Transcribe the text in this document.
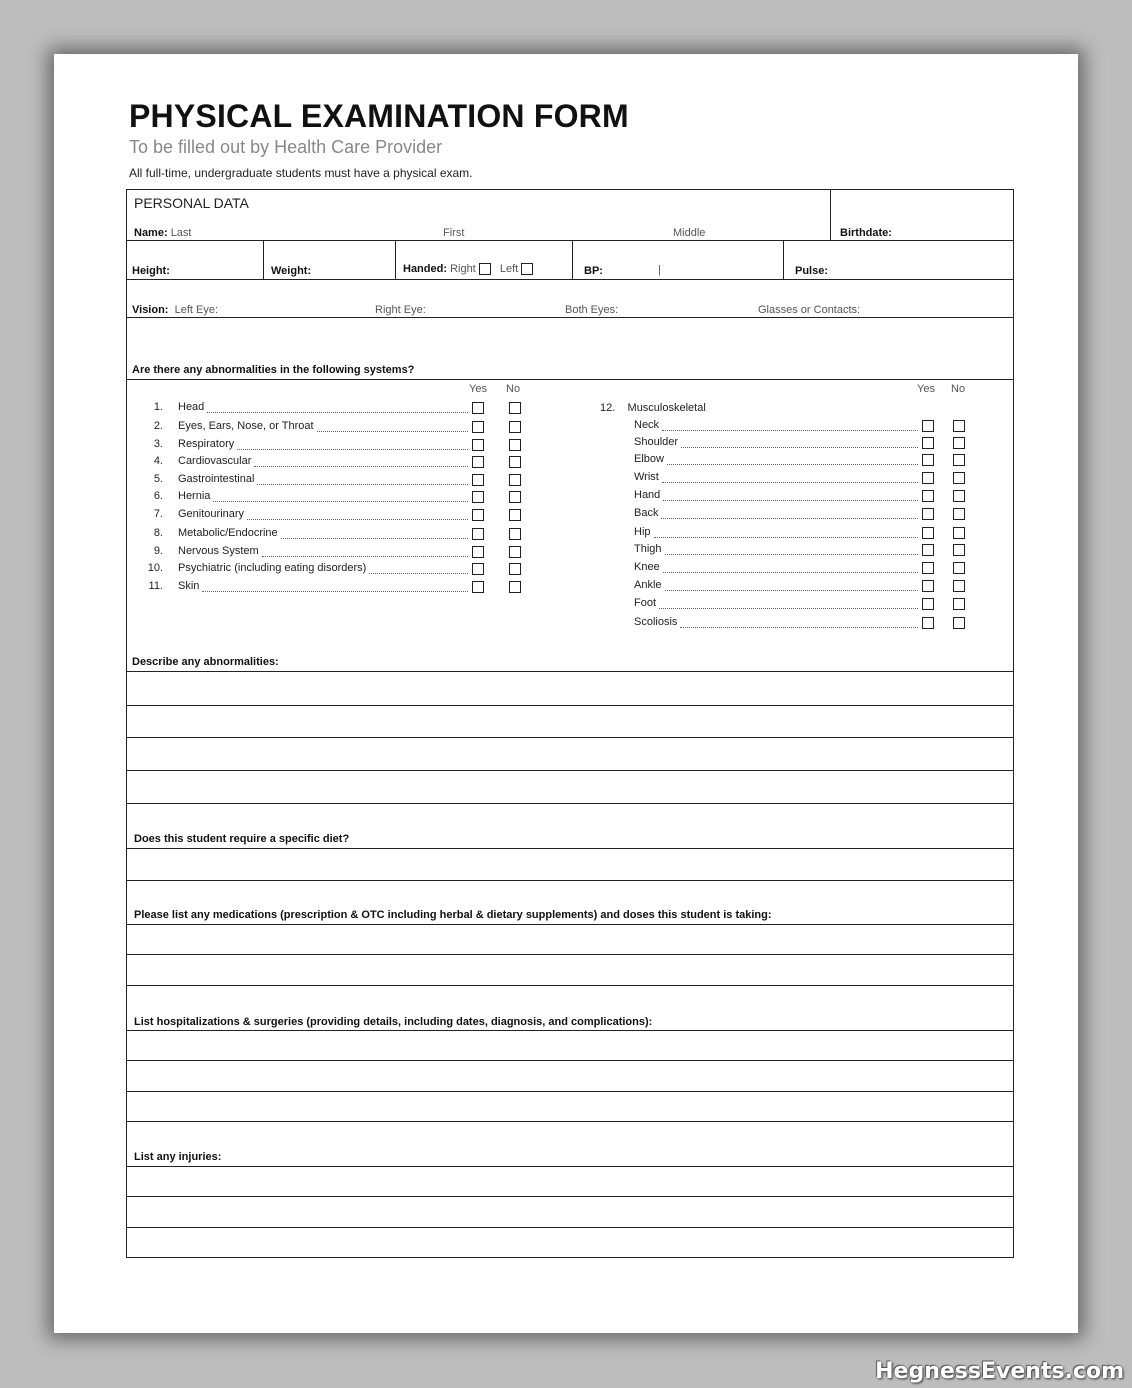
PHYSICAL EXAMINATION FORM
To be filled out by Health Care Provider
All full-time, undergraduate students must have a physical exam.
PERSONAL DATA
Name: Last	First	Middle	Birthdate:
Height:	Weight:	Handed: Right Left	BP:	|	Pulse:
Vision: Left Eye:	Right Eye:	Both Eyes:	Glasses or Contacts:
Are there any abnormalities in the following systems?
Yes No	Yes No
1. Head
2. Eyes, Ears, Nose, or Throat
3. Respiratory
4. Cardiovascular
5. Gastrointestinal
6. Hernia
7. Genitourinary
8. Metabolic/Endocrine
9. Nervous System
10. Psychiatric (including eating disorders)
11. Skin
12. Musculoskeletal
Neck
Shoulder
Elbow
Wrist
Hand
Back
Hip
Thigh
Knee
Ankle
Foot
Scoliosis
Describe any abnormalities:
Does this student require a specific diet?
Please list any medications (prescription & OTC including herbal & dietary supplements) and doses this student is taking:
List hospitalizations & surgeries (providing details, including dates, diagnosis, and complications):
List any injuries:
HegnessEvents.com
